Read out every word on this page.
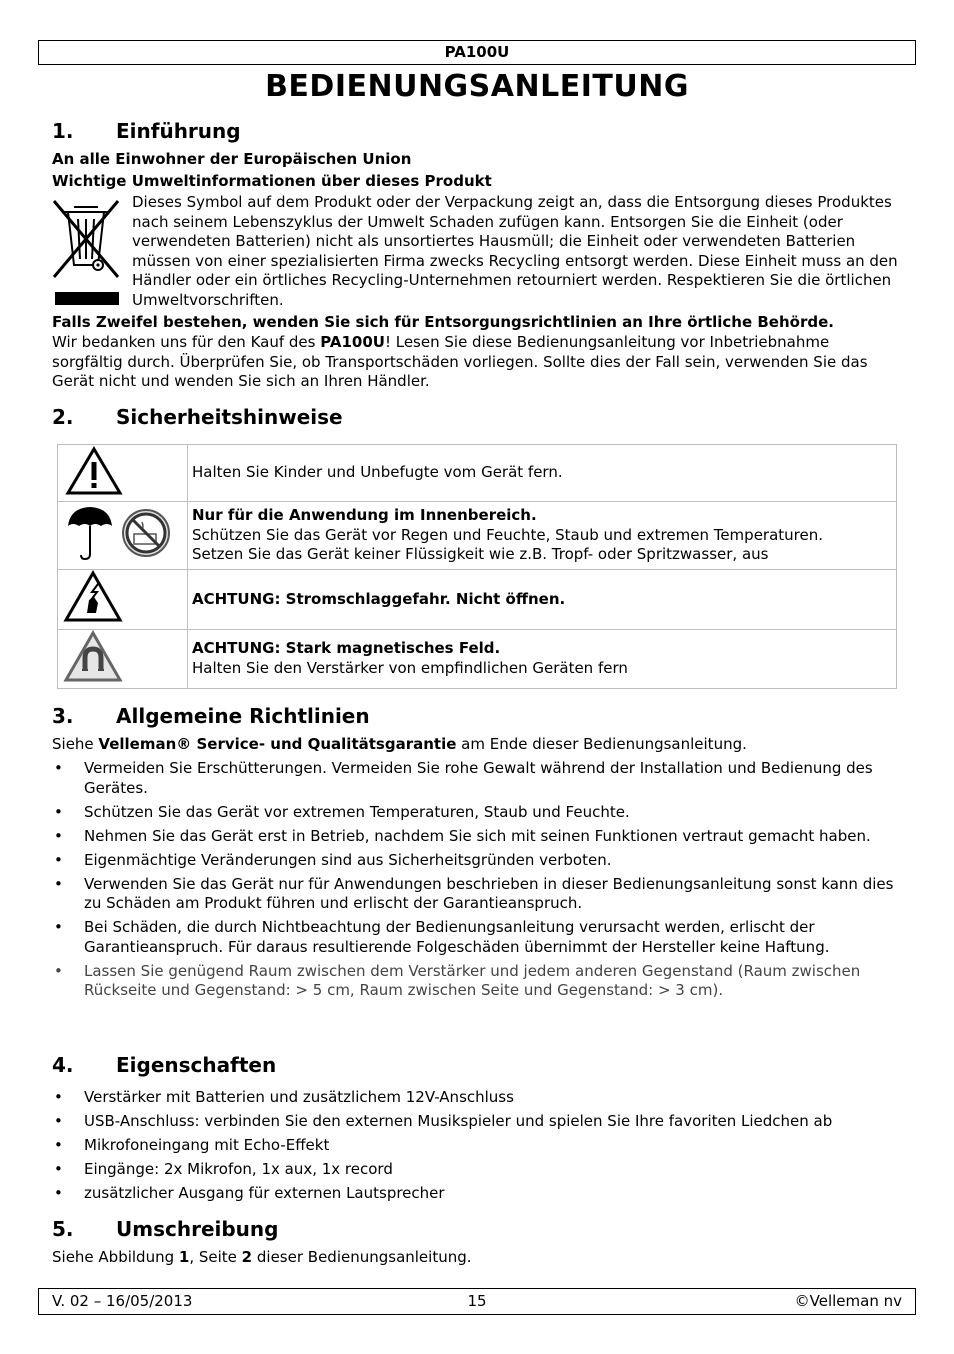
PA100U
BEDIENUNGSANLEITUNG
1. Einführung
An alle Einwohner der Europäischen Union
Wichtige Umweltinformationen über dieses Produkt
Dieses Symbol auf dem Produkt oder der Verpackung zeigt an, dass die Entsorgung dieses Produktes nach seinem Lebenszyklus der Umwelt Schaden zufügen kann. Entsorgen Sie die Einheit (oder verwendeten Batterien) nicht als unsortiertes Hausmüll; die Einheit oder verwendeten Batterien müssen von einer spezialisierten Firma zwecks Recycling entsorgt werden. Diese Einheit muss an den Händler oder ein örtliches Recycling-Unternehmen retourniert werden. Respektieren Sie die örtlichen Umweltvorschriften.
Falls Zweifel bestehen, wenden Sie sich für Entsorgungsrichtlinien an Ihre örtliche Behörde.
Wir bedanken uns für den Kauf des PA100U! Lesen Sie diese Bedienungsanleitung vor Inbetriebnahme sorgfältig durch. Überprüfen Sie, ob Transportschäden vorliegen. Sollte dies der Fall sein, verwenden Sie das Gerät nicht und wenden Sie sich an Ihren Händler.
2. Sicherheitshinweise
	Halten Sie Kinder und Unbefugte vom Gerät fern.

Nur für die Anwendung im Innenbereich.
Schützen Sie das Gerät vor Regen und Feuchte, Staub und extremen Temperaturen.
Setzen Sie das Gerät keiner Flüssigkeit wie z.B. Tropf- oder Spritzwasser, aus

	ACHTUNG: Stromschlaggefahr. Nicht öffnen.

ACHTUNG: Stark magnetisches Feld.
Halten Sie den Verstärker von empfindlichen Geräten fern
3. Allgemeine Richtlinien
Siehe Velleman® Service- und Qualitätsgarantie am Ende dieser Bedienungsanleitung.
• Vermeiden Sie Erschütterungen. Vermeiden Sie rohe Gewalt während der Installation und Bedienung des Gerätes.
• Schützen Sie das Gerät vor extremen Temperaturen, Staub und Feuchte.
• Nehmen Sie das Gerät erst in Betrieb, nachdem Sie sich mit seinen Funktionen vertraut gemacht haben.
• Eigenmächtige Veränderungen sind aus Sicherheitsgründen verboten.
• Verwenden Sie das Gerät nur für Anwendungen beschrieben in dieser Bedienungsanleitung sonst kann dies zu Schäden am Produkt führen und erlischt der Garantieanspruch.
• Bei Schäden, die durch Nichtbeachtung der Bedienungsanleitung verursacht werden, erlischt der Garantieanspruch. Für daraus resultierende Folgeschäden übernimmt der Hersteller keine Haftung.
• Lassen Sie genügend Raum zwischen dem Verstärker und jedem anderen Gegenstand (Raum zwischen Rückseite und Gegenstand: > 5 cm, Raum zwischen Seite und Gegenstand: > 3 cm).
4. Eigenschaften
• Verstärker mit Batterien und zusätzlichem 12V-Anschluss
• USB-Anschluss: verbinden Sie den externen Musikspieler und spielen Sie Ihre favoriten Liedchen ab
• Mikrofoneingang mit Echo-Effekt
• Eingänge: 2x Mikrofon, 1x aux, 1x record
• zusätzlicher Ausgang für externen Lautsprecher
5. Umschreibung
Siehe Abbildung 1, Seite 2 dieser Bedienungsanleitung.
V. 02 – 16/05/2013	15	©Velleman nv
